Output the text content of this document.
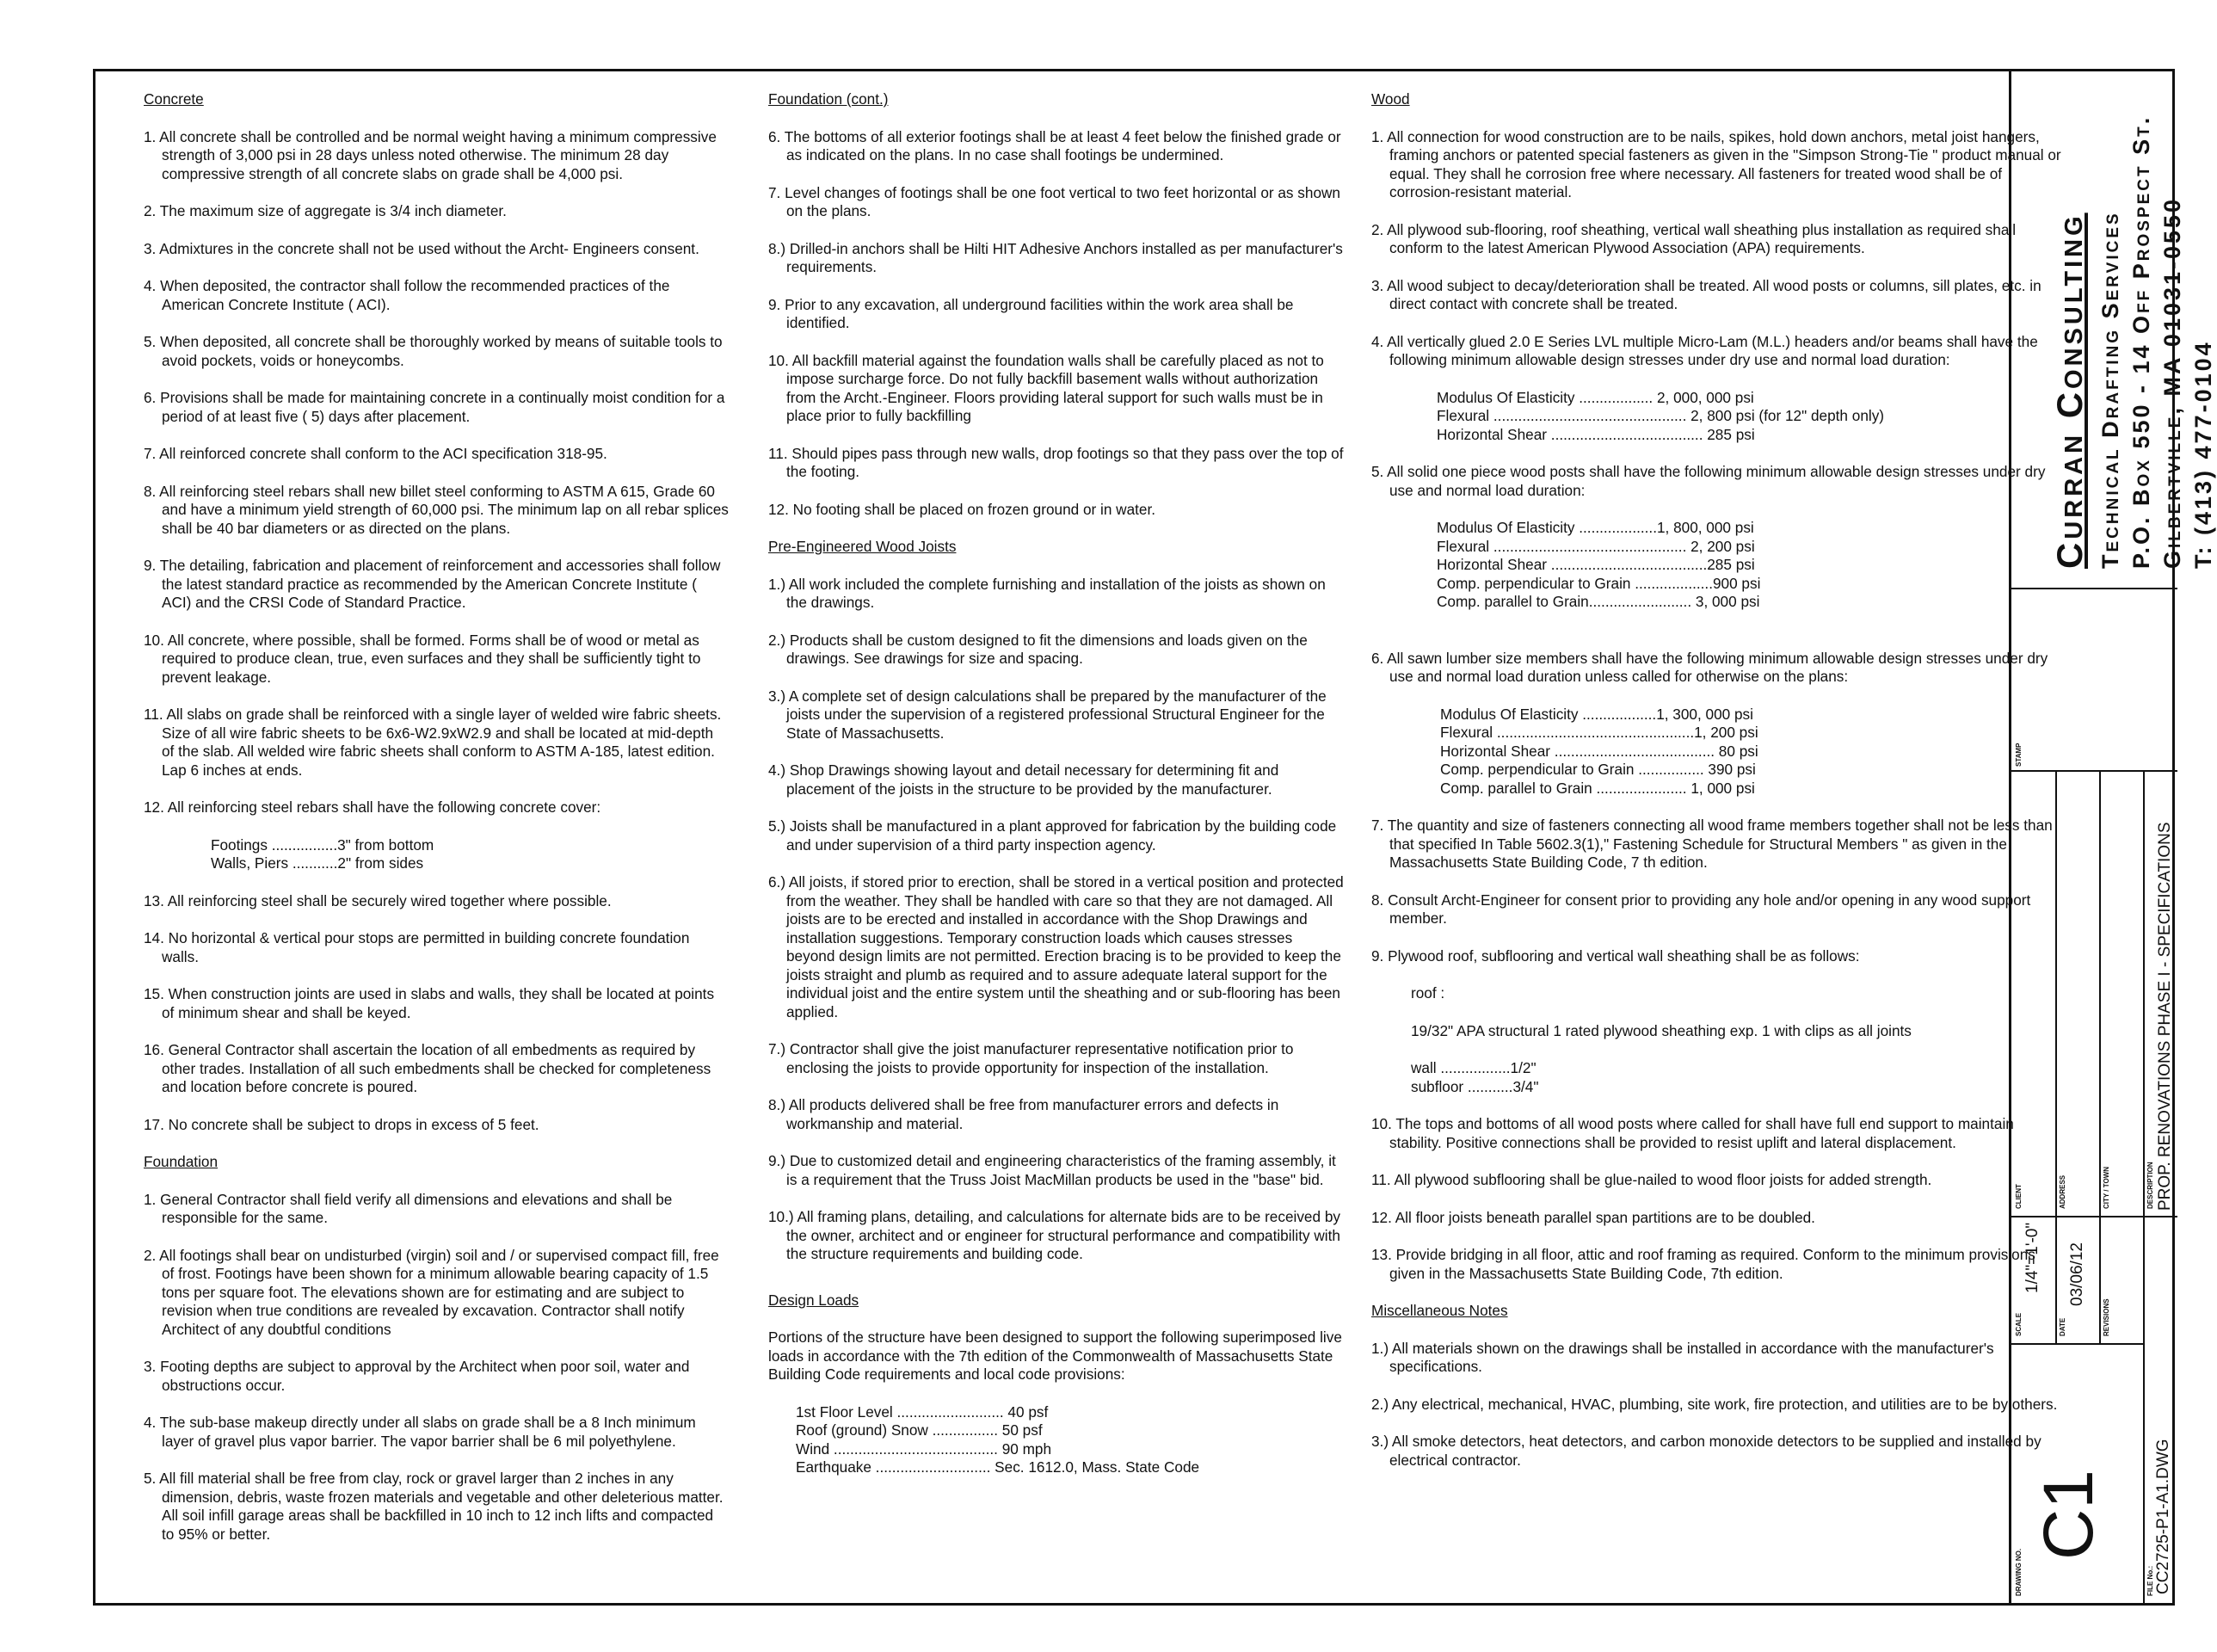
Concrete

1. All concrete shall be controlled and be normal weight having a minimum compressive strength of 3,000 psi in 28 days unless noted otherwise. The minimum 28 day compressive strength of all concrete slabs on grade shall be 4,000 psi.

2. The maximum size of aggregate is 3/4 inch diameter.

3. Admixtures in the concrete shall not be used without the Archt- Engineers consent.

4. When deposited, the contractor shall follow the recommended practices of the American Concrete Institute ( ACI).

5. When deposited, all concrete shall be thoroughly worked by means of suitable tools to avoid pockets, voids or honeycombs.

6. Provisions shall be made for maintaining concrete in a continually moist condition for a period of at least five ( 5) days after placement.

7. All reinforced concrete shall conform to the ACI specification 318-95.

8. All reinforcing steel rebars shall new billet steel conforming to ASTM A 615, Grade 60 and have a minimum yield strength of 60,000 psi. The minimum lap on all rebar splices shall be 40 bar diameters or as directed on the plans.

9. The detailing, fabrication and placement of reinforcement and accessories shall follow the latest standard practice as recommended by the American Concrete Institute ( ACI) and the CRSI Code of Standard Practice.

10. All concrete, where possible, shall be formed. Forms shall be of wood or metal as required to produce clean, true, even surfaces and they shall be sufficiently tight to prevent leakage.

11. All slabs on grade shall be reinforced with a single layer of welded wire fabric sheets. Size of all wire fabric sheets to be 6x6-W2.9xW2.9 and shall be located at mid-depth of the slab. All welded wire fabric sheets shall conform to ASTM A-185, latest edition. Lap 6 inches at ends.

12. All reinforcing steel rebars shall have the following concrete cover:

Footings ................3" from bottom
Walls, Piers ...........2" from sides

13. All reinforcing steel shall be securely wired together where possible.

14. No horizontal & vertical pour stops are permitted in building concrete foundation walls.

15. When construction joints are used in slabs and walls, they shall be located at points of minimum shear and shall be keyed.

16. General Contractor shall ascertain the location of all embedments as required by other trades. Installation of all such embedments shall be checked for completeness and location before concrete is poured.

17. No concrete shall be subject to drops in excess of 5 feet.

Foundation

1. General Contractor shall field verify all dimensions and elevations and shall be responsible for the same.

2. All footings shall bear on undisturbed (virgin) soil and / or supervised compact fill, free of frost. Footings have been shown for a minimum allowable bearing capacity of 1.5 tons per square foot. The elevations shown are for estimating and are subject to revision when true conditions are revealed by excavation. Contractor shall notify Architect of any doubtful conditions

3. Footing depths are subject to approval by the Architect when poor soil, water and obstructions occur.

4. The sub-base makeup directly under all slabs on grade shall be a 8 Inch minimum layer of gravel plus vapor barrier. The vapor barrier shall be 6 mil polyethylene.

5. All fill material shall be free from clay, rock or gravel larger than 2 inches in any dimension, debris, waste frozen materials and vegetable and other deleterious matter. All soil infill garage areas shall be backfilled in 10 inch to 12 inch lifts and compacted to 95% or better.

Foundation (cont.)

6. The bottoms of all exterior footings shall be at least 4 feet below the finished grade or as indicated on the plans. In no case shall footings be undermined.

7. Level changes of footings shall be one foot vertical to two feet horizontal or as shown on the plans.

8.) Drilled-in anchors shall be Hilti HIT Adhesive Anchors installed as per manufacturer's requirements.

9. Prior to any excavation, all underground facilities within the work area shall be identified.

10. All backfill material against the foundation walls shall be carefully placed as not to impose surcharge force. Do not fully backfill basement walls without authorization from the Archt.-Engineer. Floors providing lateral support for such walls must be in place prior to fully backfilling

11. Should pipes pass through new walls, drop footings so that they pass over the top of the footing.

12. No footing shall be placed on frozen ground or in water.

Pre-Engineered Wood Joists

1.) All work included the complete furnishing and installation of the joists as shown on the drawings.

2.) Products shall be custom designed to fit the dimensions and loads given on the drawings. See drawings for size and spacing.

3.) A complete set of design calculations shall be prepared by the manufacturer of the joists under the supervision of a registered professional Structural Engineer for the State of Massachusetts.

4.) Shop Drawings showing layout and detail necessary for determining fit and placement of the joists in the structure to be provided by the manufacturer.

5.) Joists shall be manufactured in a plant approved for fabrication by the building code and under supervision of a third party inspection agency.

6.) All joists, if stored prior to erection, shall be stored in a vertical position and protected from the weather. They shall be handled with care so that they are not damaged. All joists are to be erected and installed in accordance with the Shop Drawings and installation suggestions. Temporary construction loads which causes stresses beyond design limits are not permitted. Erection bracing is to be provided to keep the joists straight and plumb as required and to assure adequate lateral support for the individual joist and the entire system until the sheathing and or sub-flooring has been applied.

7.) Contractor shall give the joist manufacturer representative notification prior to enclosing the joists to provide opportunity for inspection of the installation.

8.) All products delivered shall be free from manufacturer errors and defects in workmanship and material.

9.) Due to customized detail and engineering characteristics of the framing assembly, it is a requirement that the Truss Joist MacMillan products be used in the "base" bid.

10.) All framing plans, detailing, and calculations for alternate bids are to be received by the owner, architect and or engineer for structural performance and compatibility with the structure requirements and building code.

Design Loads

Portions of the structure have been designed to support the following superimposed live loads in accordance with the 7th edition of the Commonwealth of Massachusetts State Building Code requirements and local code provisions:

1st Floor Level .......................... 40 psf
Roof (ground) Snow ................ 50 psf
Wind ........................................ 90 mph
Earthquake ............................ Sec. 1612.0, Mass. State Code

Wood

1. All connection for wood construction are to be nails, spikes, hold down anchors, metal joist hangers, framing anchors or patented special fasteners as given in the "Simpson Strong-Tie " product manual or equal. They shall he corrosion free where necessary. All fasteners for treated wood shall be of corrosion-resistant material.

2. All plywood sub-flooring, roof sheathing, vertical wall sheathing plus installation as required shall conform to the latest American Plywood Association (APA) requirements.

3. All wood subject to decay/deterioration shall be treated. All wood posts or columns, sill plates, etc. in direct contact with concrete shall be treated.

4. All vertically glued 2.0 E Series LVL multiple Micro-Lam (M.L.) headers and/or beams shall have the following minimum allowable design stresses under dry use and normal load duration:

Modulus Of Elasticity .................. 2, 000, 000 psi
Flexural ............................................... 2, 800 psi (for 12" depth only)
Horizontal Shear ..................................... 285 psi

5. All solid one piece wood posts shall have the following minimum allowable design stresses under dry use and normal load duration:

Modulus Of Elasticity ...................1, 800, 000 psi
Flexural ............................................... 2, 200 psi
Horizontal Shear ......................................285 psi
Comp. perpendicular to Grain ...................900 psi
Comp. parallel to Grain......................... 3, 000 psi

6. All sawn lumber size members shall have the following minimum allowable design stresses under dry use and normal load duration unless called for otherwise on the plans:

Modulus Of Elasticity ..................1, 300, 000 psi
Flexural ................................................1, 200 psi
Horizontal Shear ....................................... 80 psi
Comp. perpendicular to Grain ................ 390 psi
Comp. parallel to Grain ...................... 1, 000 psi

7. The quantity and size of fasteners connecting all wood frame members together shall not be less than that specified In Table 5602.3(1)," Fastening Schedule for Structural Members " as given in the Massachusetts State Building Code, 7 th edition.

8. Consult Archt-Engineer for consent prior to providing any hole and/or opening in any wood support member.

9. Plywood roof, subflooring and vertical wall sheathing shall be as follows:

roof :

19/32" APA structural 1 rated plywood sheathing exp. 1 with clips as all joints

wall .................1/2"
subfloor ...........3/4"

10. The tops and bottoms of all wood posts where called for shall have full end support to maintain stability. Positive connections shall be provided to resist uplift and lateral displacement.

11. All plywood subflooring shall be glue-nailed to wood floor joists for added strength.

12. All floor joists beneath parallel span partitions are to be doubled.

13. Provide bridging in all floor, attic and roof framing as required. Conform to the minimum provisions given in the Massachusetts State Building Code, 7th edition.

Miscellaneous Notes

1.) All materials shown on the drawings shall be installed in accordance with the manufacturer's specifications.

2.) Any electrical, mechanical, HVAC, plumbing, site work, fire protection, and utilities are to be by others.

3.) All smoke detectors, heat detectors, and carbon monoxide detectors to be supplied and installed by electrical contractor.

Curran Consulting Technical Drafting Services P.O. Box 550 - 14 Off Prospect St. Gilbertville, MA 01031-0550 T: (413) 477-0104
STAMP
CLIENT	ADDRESS	CITY / TOWN	DESCRIPTION PROP. RENOVATIONS PHASE I - SPECIFICATIONS
SCALE
1/4"=1'-0"
DATE
03/06/12
REVISIONS
DRAWING NO.
C1
FILE No.: CC2725-P1-A1.DWG
